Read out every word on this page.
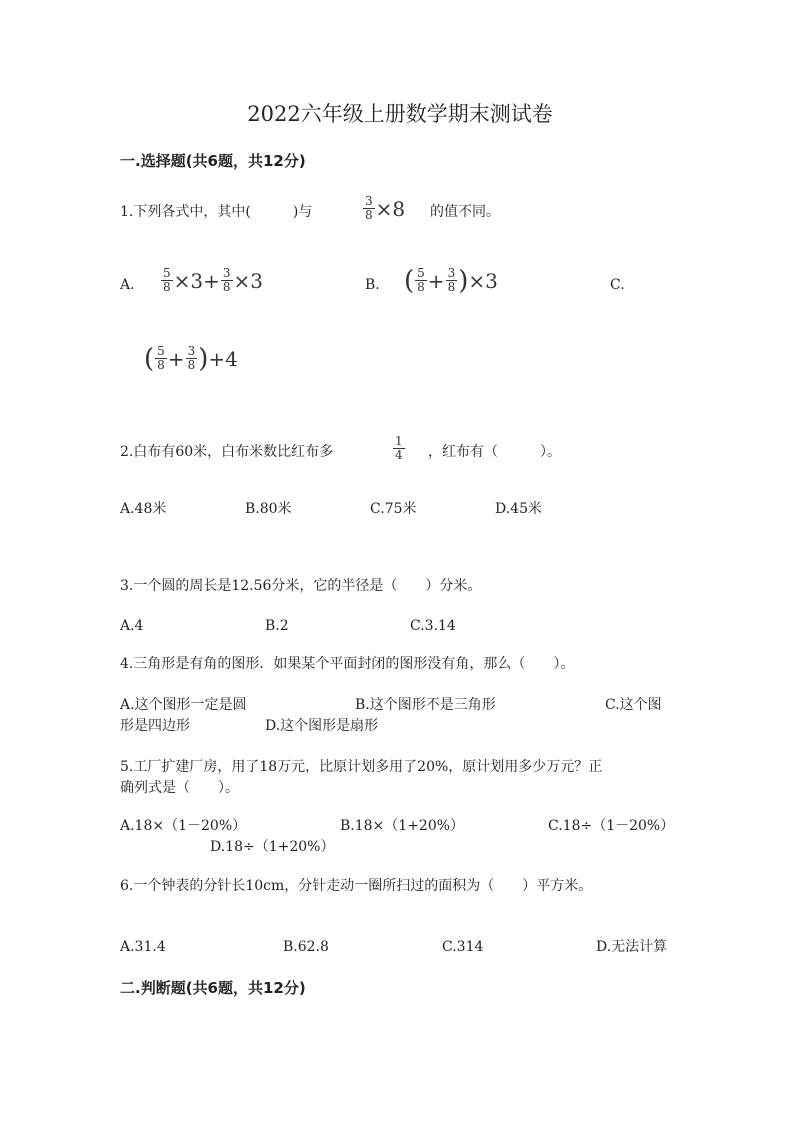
2022六年级上册数学期末测试卷
一.选择题(共6题，共12分)
1.下列各式中，其中(　　　)与	$\frac{3}{8} \times 8$ 的值不同。
A. $\frac{5}{8} \times 3+ \frac{3}{8} \times 3$	B. ( $\frac{5}{8} + \frac{3}{8}$ ) ×3	C.
( $\frac{5}{8} + \frac{3}{8}$ ) +4
2.白布有60米，白布米数比红布多	$\frac{1}{4}$ ，红布有（　　　）。
A.48米	B.80米	C.75米	D.45米
3.一个圆的周长是12.56分米，它的半径是（　　）分米。
A.4	B.2	C.3.14
4.三角形是有角的图形．如果某个平面封闭的图形没有角，那么（　　）。
A.这个图形一定是圆	B.这个图形不是三角形	C.这个图
形是四边形	D.这个图形是扇形
5.工厂扩建厂房，用了18万元，比原计划多用了20%，原计划用多少万元？正
确列式是（　　）。
A.18×（1－20%）	B.18×（1+20%）	C.18÷（1－20%）
D.18÷（1+20%）
6.一个钟表的分针长10cm，分针走动一圈所扫过的面积为（　　）平方米。
A.31.4	B.62.8	C.314	D.无法计算
二.判断题(共6题，共12分)
